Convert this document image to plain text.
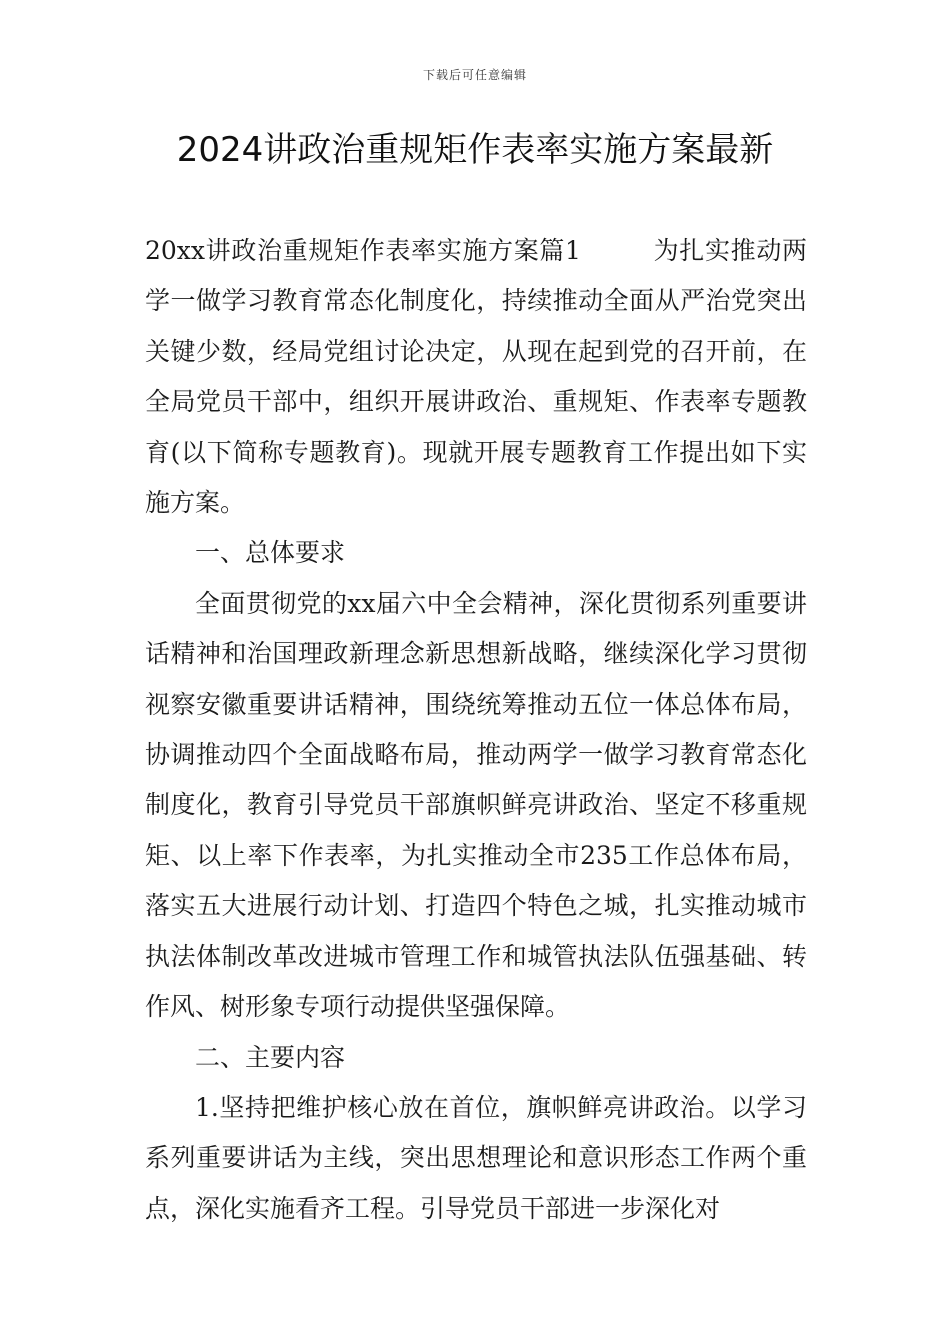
下载后可任意编辑
2024讲政治重规矩作表率实施方案最新

20xx讲政治重规矩作表率实施方案篇1	为扎实推动两学一做学习教育常态化制度化，持续推动全面从严治党突出关键少数，经局党组讨论决定，从现在起到党的召开前，在全局党员干部中，组织开展讲政治、重规矩、作表率专题教育(以下简称专题教育)。现就开展专题教育工作提出如下实施方案。

一、总体要求

全面贯彻党的xx届六中全会精神，深化贯彻系列重要讲话精神和治国理政新理念新思想新战略，继续深化学习贯彻视察安徽重要讲话精神，围绕统筹推动五位一体总体布局，协调推动四个全面战略布局，推动两学一做学习教育常态化制度化，教育引导党员干部旗帜鲜亮讲政治、坚定不移重规矩、以上率下作表率，为扎实推动全市235工作总体布局，落实五大进展行动计划、打造四个特色之城，扎实推动城市执法体制改革改进城市管理工作和城管执法队伍强基础、转作风、树形象专项行动提供坚强保障。

二、主要内容

1.坚持把维护核心放在首位，旗帜鲜亮讲政治。以学习系列重要讲话为主线，突出思想理论和意识形态工作两个重点，深化实施看齐工程。引导党员干部进一步深化对
